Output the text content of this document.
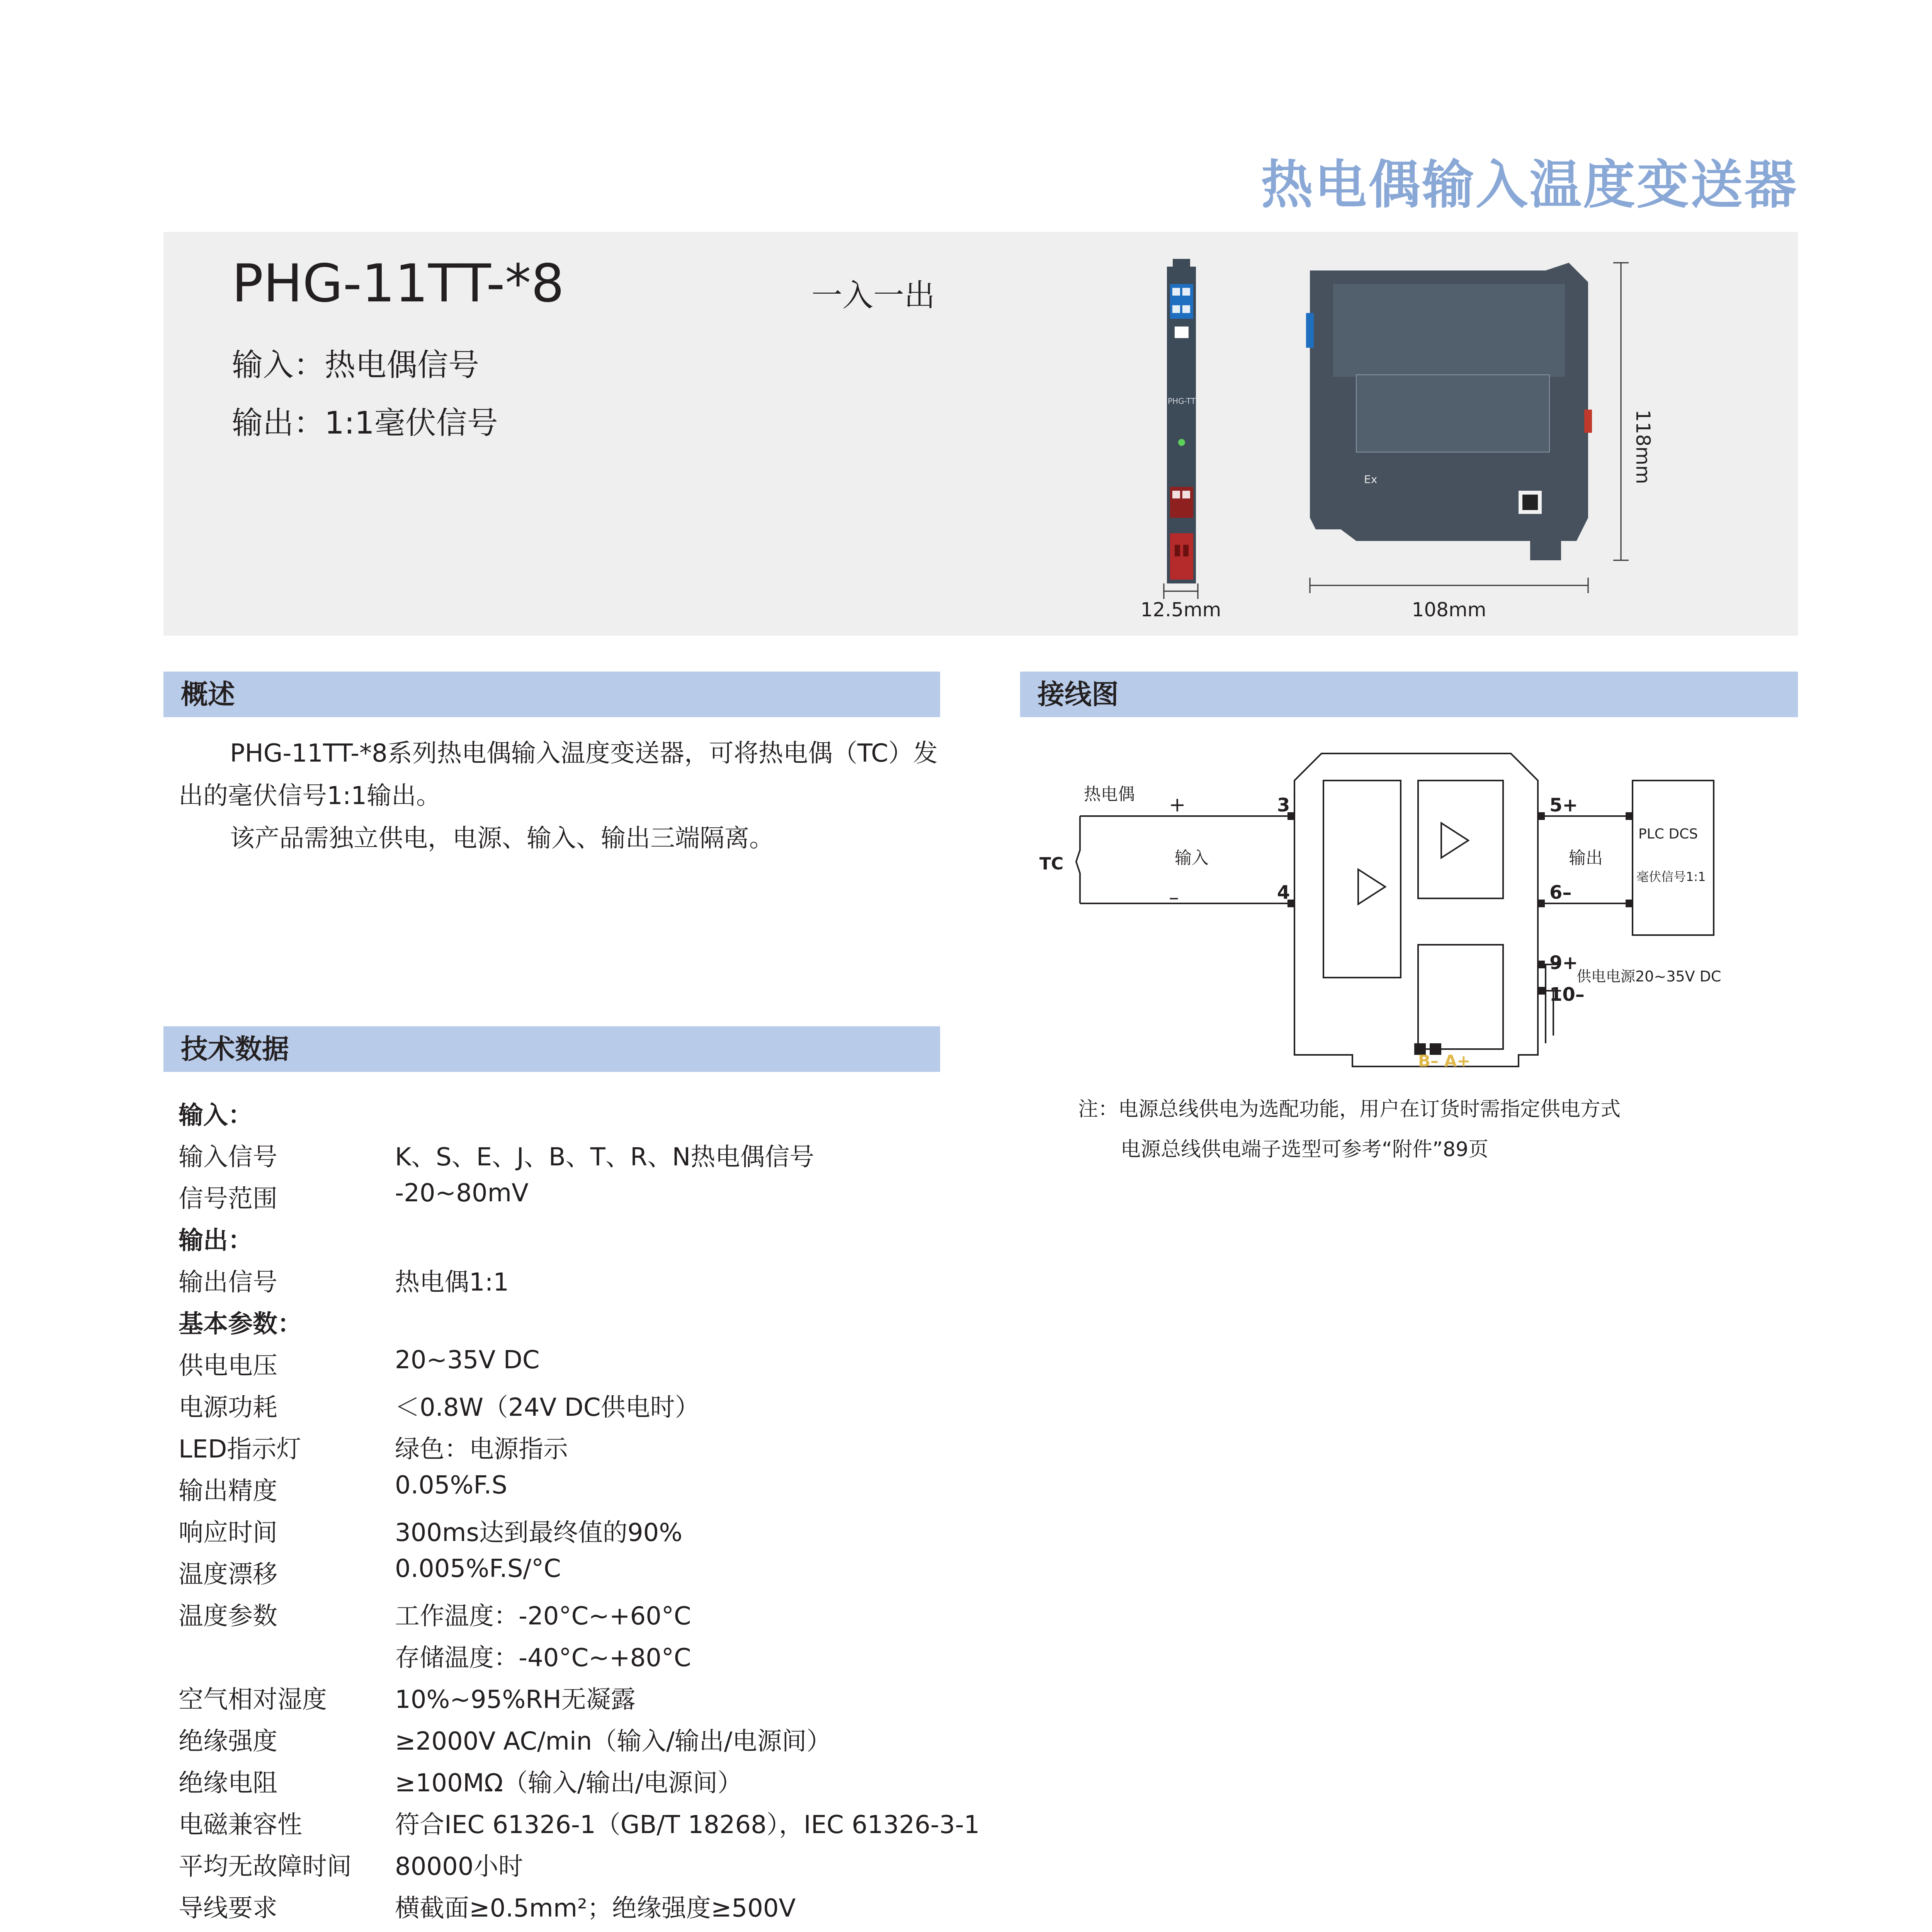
热电偶输入温度变送器
PHG-11TT-*8	一入一出
输入：热电偶信号
输出：1:1毫伏信号
PHG-TT
Ex
12.5mm	108mm
118mm
概述	接线图
PHG-11TT-*8系列热电偶输入温度变送器，可将热电偶（TC）发
出的毫伏信号1:1输出。
该产品需独立供电，电源、输入、输出三端隔离。
热电偶 +
–
TC	输入	输出
3
4
5+
6–
9+
10–
PLC DCS
毫伏信号1:1
供电电源20~35V DC
B– A+
注：电源总线供电为选配功能，用户在订货时需指定供电方式
电源总线供电端子选型可参考“附件”89页
技术数据
输入：
输入信号	K、S、E、J、B、T、R、N热电偶信号
信号范围	-20~80mV
输出：
输出信号	热电偶1:1
基本参数：
供电电压	20~35V DC
电源功耗	＜0.8W（24V DC供电时）
LED指示灯	绿色：电源指示
输出精度	0.05%F.S
响应时间	300ms达到最终值的90%
温度漂移	0.005%F.S/°C
温度参数	工作温度：-20°C~+60°C
存储温度：-40°C~+80°C
空气相对湿度	10%~95%RH无凝露
绝缘强度	≥2000V AC/min（输入/输出/电源间）
绝缘电阻	≥100MΩ（输入/输出/电源间）
电磁兼容性	符合IEC 61326-1（GB/T 18268），IEC 61326-3-1
平均无故障时间 80000小时
导线要求	横截面≥0.5mm²；绝缘强度≥500V
